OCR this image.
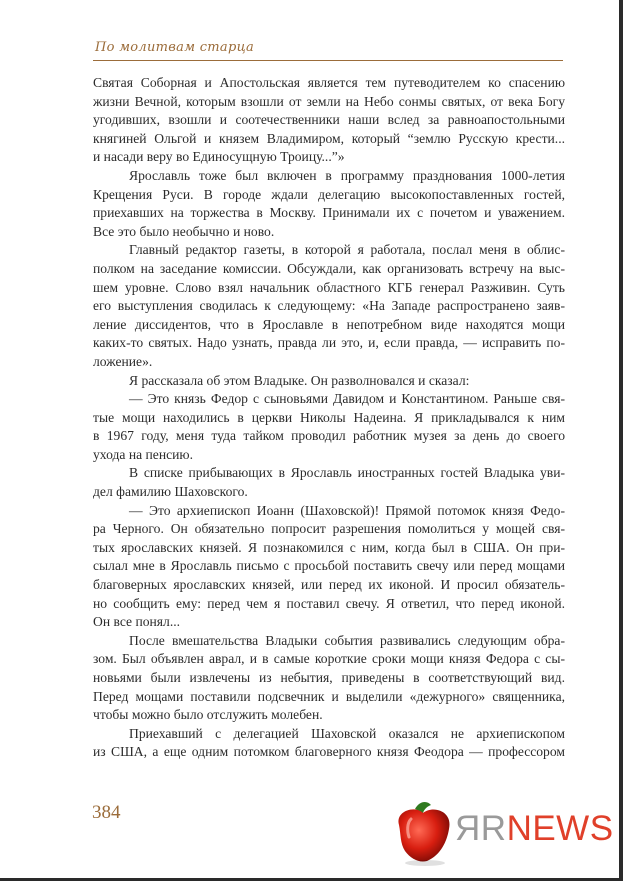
По молитвам старца
Святая Соборная и Апостольская является тем путеводителем ко спасению
жизни Вечной, которым взошли от земли на Небо сонмы святых, от века Богу
угодивших, взошли и соотечественники наши вслед за равноапостольными
княгиней Ольгой и князем Владимиром, который “землю Русскую крести...
и насади веру во Единосущную Троицу...”»
Ярославль тоже был включен в программу празднования 1000-летия
Крещения Руси. В городе ждали делегацию высокопоставленных гостей,
приехавших на торжества в Москву. Принимали их с почетом и уважением.
Все это было необычно и ново.
Главный редактор газеты, в которой я работала, послал меня в облис-
полком на заседание комиссии. Обсуждали, как организовать встречу на выс-
шем уровне. Слово взял начальник областного КГБ генерал Разживин. Суть
его выступления сводилась к следующему: «На Западе распространено заяв-
ление диссидентов, что в Ярославле в непотребном виде находятся мощи
каких-то святых. Надо узнать, правда ли это, и, если правда, — исправить по-
ложение».
Я рассказала об этом Владыке. Он разволновался и сказал:
— Это князь Федор с сыновьями Давидом и Константином. Раньше свя-
тые мощи находились в церкви Николы Надеина. Я прикладывался к ним
в 1967 году, меня туда тайком проводил работник музея за день до своего
ухода на пенсию.
В списке прибывающих в Ярославль иностранных гостей Владыка уви-
дел фамилию Шаховского.
— Это архиепископ Иоанн (Шаховской)! Прямой потомок князя Федо-
ра Черного. Он обязательно попросит разрешения помолиться у мощей свя-
тых ярославских князей. Я познакомился с ним, когда был в США. Он при-
сылал мне в Ярославль письмо с просьбой поставить свечу или перед мощами
благоверных ярославских князей, или перед их иконой. И просил обязатель-
но сообщить ему: перед чем я поставил свечу. Я ответил, что перед иконой.
Он все понял...
После вмешательства Владыки события развивались следующим обра-
зом. Был объявлен аврал, и в самые короткие сроки мощи князя Федора с сы-
новьями были извлечены из небытия, приведены в соответствующий вид.
Перед мощами поставили подсвечник и выделили «дежурного» священника,
чтобы можно было отслужить молебен.
Приехавший с делегацией Шаховской оказался не архиепископом
из США, а еще одним потомком благоверного князя Феодора — профессором
384	ЯRNEWS
